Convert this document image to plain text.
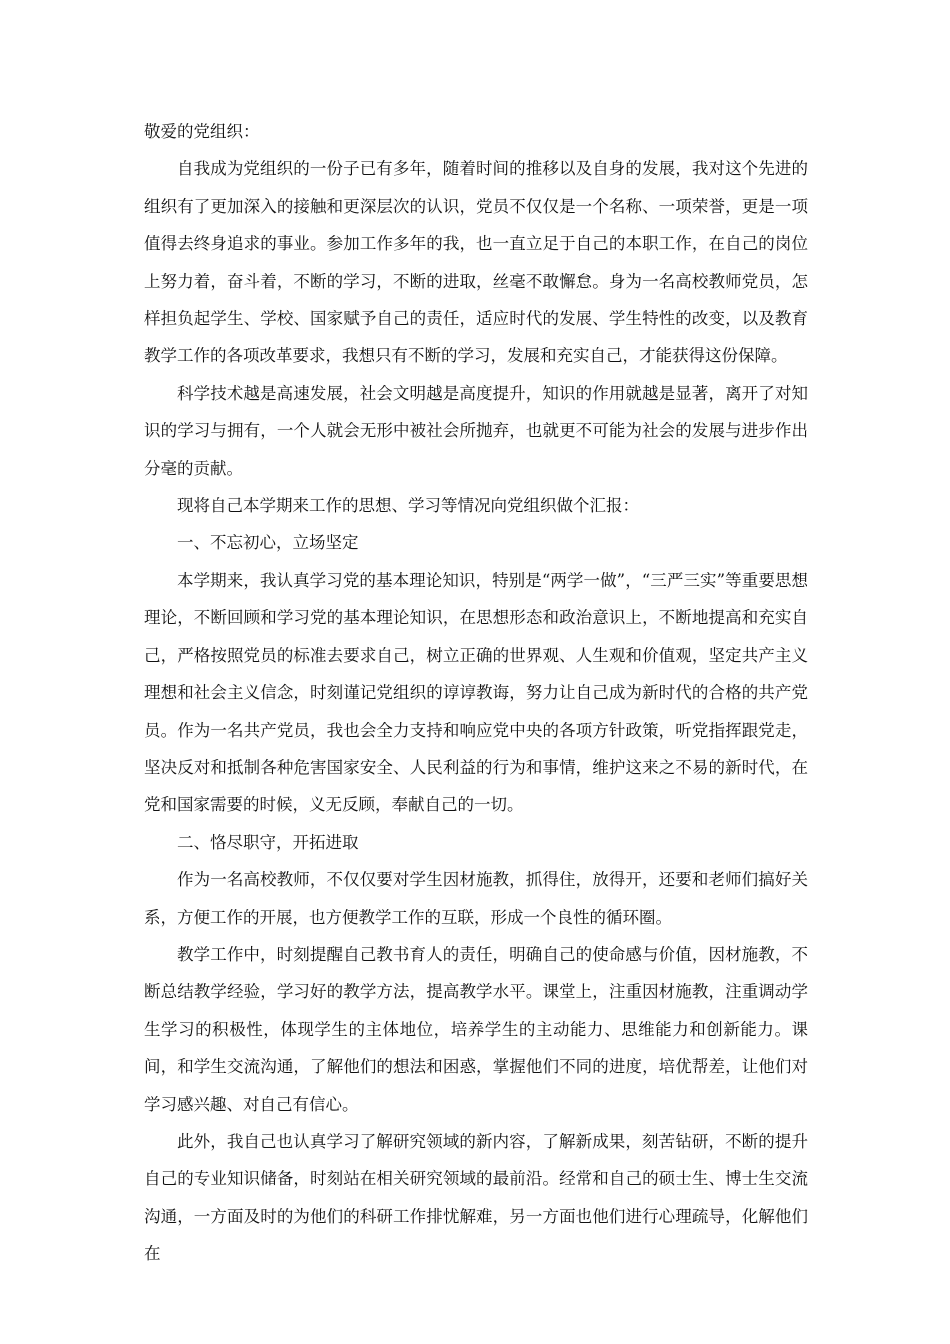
敬爱的党组织：

自我成为党组织的一份子已有多年，随着时间的推移以及自身的发展，我对这个先进的组织有了更加深入的接触和更深层次的认识，党员不仅仅是一个名称、一项荣誉，更是一项值得去终身追求的事业。参加工作多年的我，也一直立足于自己的本职工作，在自己的岗位上努力着，奋斗着，不断的学习，不断的进取，丝毫不敢懈怠。身为一名高校教师党员，怎样担负起学生、学校、国家赋予自己的责任，适应时代的发展、学生特性的改变，以及教育教学工作的各项改革要求，我想只有不断的学习，发展和充实自己，才能获得这份保障。

科学技术越是高速发展，社会文明越是高度提升，知识的作用就越是显著，离开了对知识的学习与拥有，一个人就会无形中被社会所抛弃，也就更不可能为社会的发展与进步作出分毫的贡献。

现将自己本学期来工作的思想、学习等情况向党组织做个汇报：

一、不忘初心，立场坚定

本学期来，我认真学习党的基本理论知识，特别是“两学一做”，“三严三实”等重要思想理论，不断回顾和学习党的基本理论知识，在思想形态和政治意识上，不断地提高和充实自己，严格按照党员的标准去要求自己，树立正确的世界观、人生观和价值观，坚定共产主义理想和社会主义信念，时刻谨记党组织的谆谆教诲，努力让自己成为新时代的合格的共产党员。作为一名共产党员，我也会全力支持和响应党中央的各项方针政策，听党指挥跟党走，坚决反对和抵制各种危害国家安全、人民利益的行为和事情，维护这来之不易的新时代，在党和国家需要的时候，义无反顾，奉献自己的一切。

二、恪尽职守，开拓进取

作为一名高校教师，不仅仅要对学生因材施教，抓得住，放得开，还要和老师们搞好关系，方便工作的开展，也方便教学工作的互联，形成一个良性的循环圈。

教学工作中，时刻提醒自己教书育人的责任，明确自己的使命感与价值，因材施教，不断总结教学经验，学习好的教学方法，提高教学水平。课堂上，注重因材施教，注重调动学生学习的积极性，体现学生的主体地位，培养学生的主动能力、思维能力和创新能力。课间，和学生交流沟通，了解他们的想法和困惑，掌握他们不同的进度，培优帮差，让他们对学习感兴趣、对自己有信心。

此外，我自己也认真学习了解研究领域的新内容，了解新成果，刻苦钻研，不断的提升自己的专业知识储备，时刻站在相关研究领域的最前沿。经常和自己的硕士生、博士生交流沟通，一方面及时的为他们的科研工作排忧解难，另一方面也他们进行心理疏导，化解他们在
